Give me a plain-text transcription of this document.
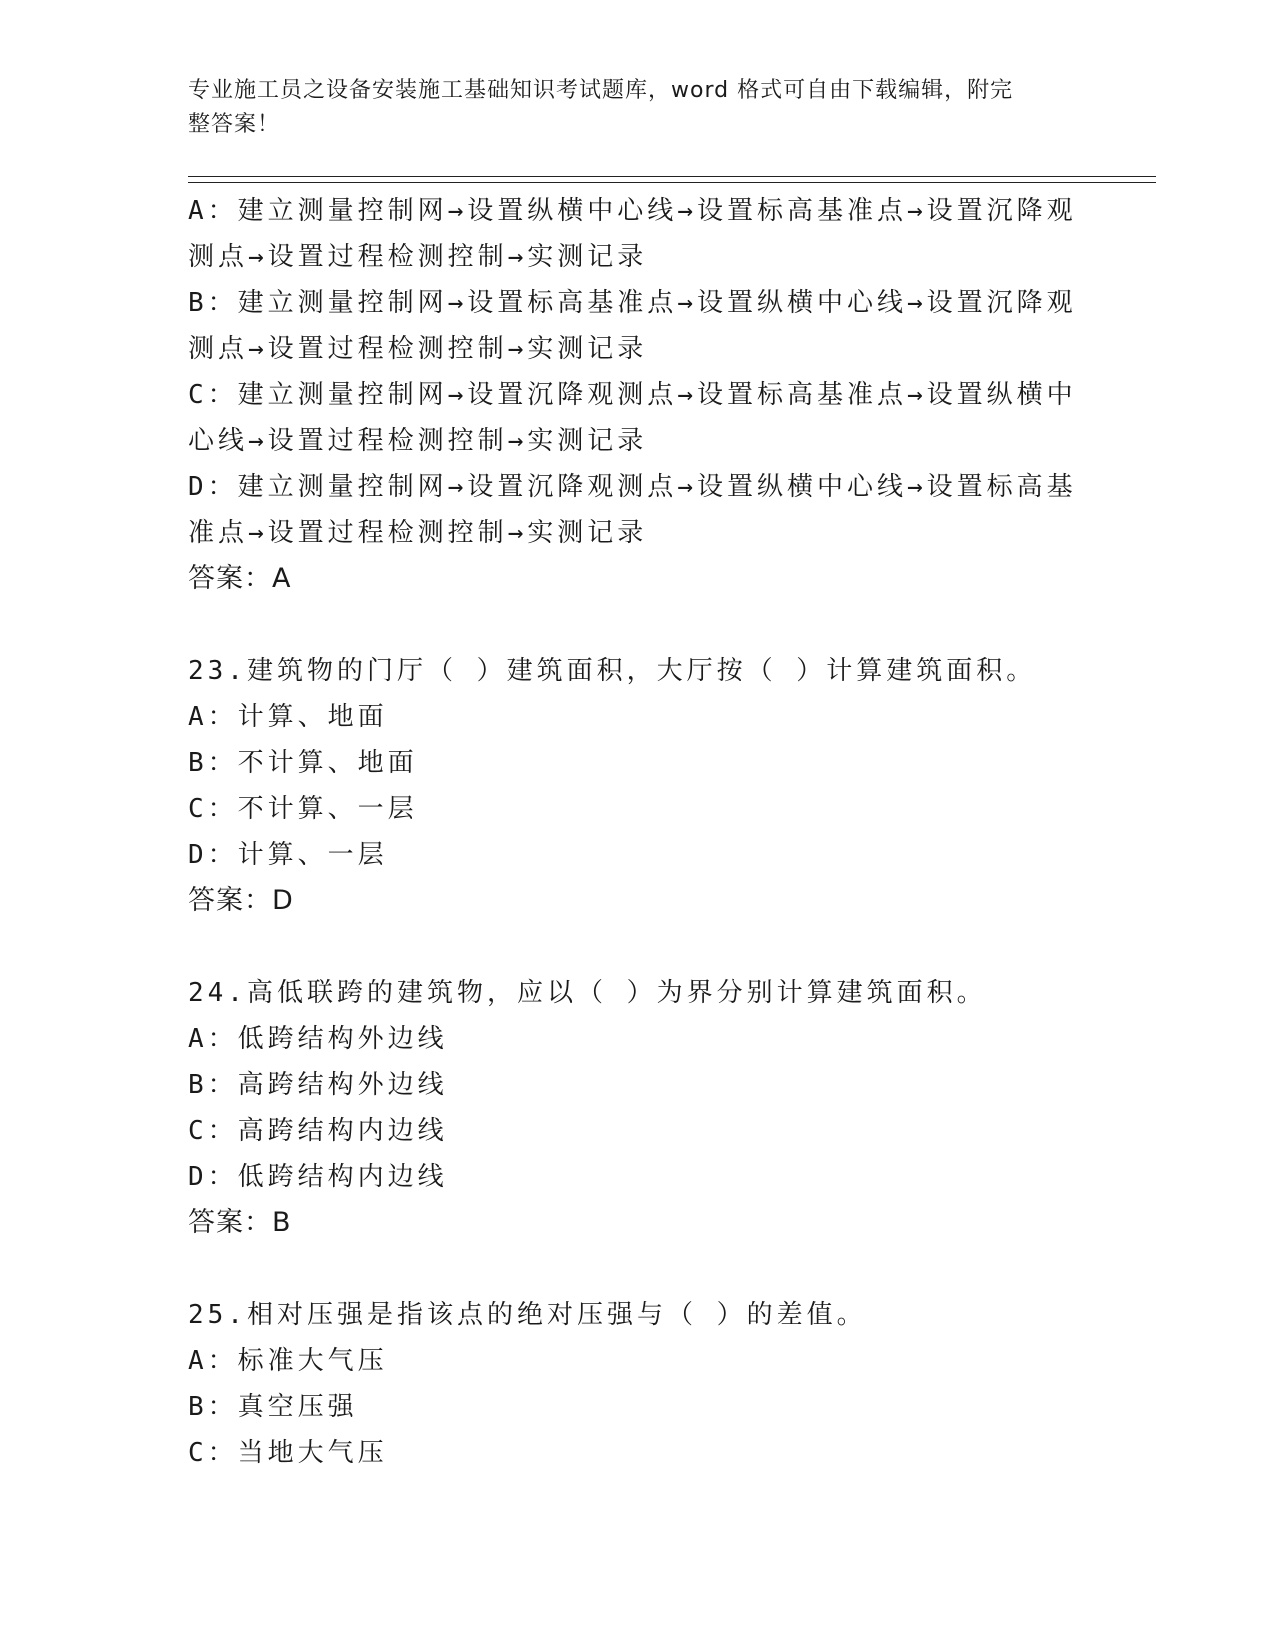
专业施工员之设备安装施工基础知识考试题库，word 格式可自由下载编辑，附完
整答案！
A：建立测量控制网→设置纵横中心线→设置标高基准点→设置沉降观
测点→设置过程检测控制→实测记录
B：建立测量控制网→设置标高基准点→设置纵横中心线→设置沉降观
测点→设置过程检测控制→实测记录
C：建立测量控制网→设置沉降观测点→设置标高基准点→设置纵横中
心线→设置过程检测控制→实测记录
D：建立测量控制网→设置沉降观测点→设置纵横中心线→设置标高基
准点→设置过程检测控制→实测记录
答案：A
23.建筑物的门厅（ ）建筑面积，大厅按（ ）计算建筑面积。
A：计算、地面
B：不计算、地面
C：不计算、一层
D：计算、一层
答案：D
24.高低联跨的建筑物，应以（ ）为界分别计算建筑面积。
A：低跨结构外边线
B：高跨结构外边线
C：高跨结构内边线
D：低跨结构内边线
答案：B
25.相对压强是指该点的绝对压强与（ ）的差值。
A：标准大气压
B：真空压强
C：当地大气压
